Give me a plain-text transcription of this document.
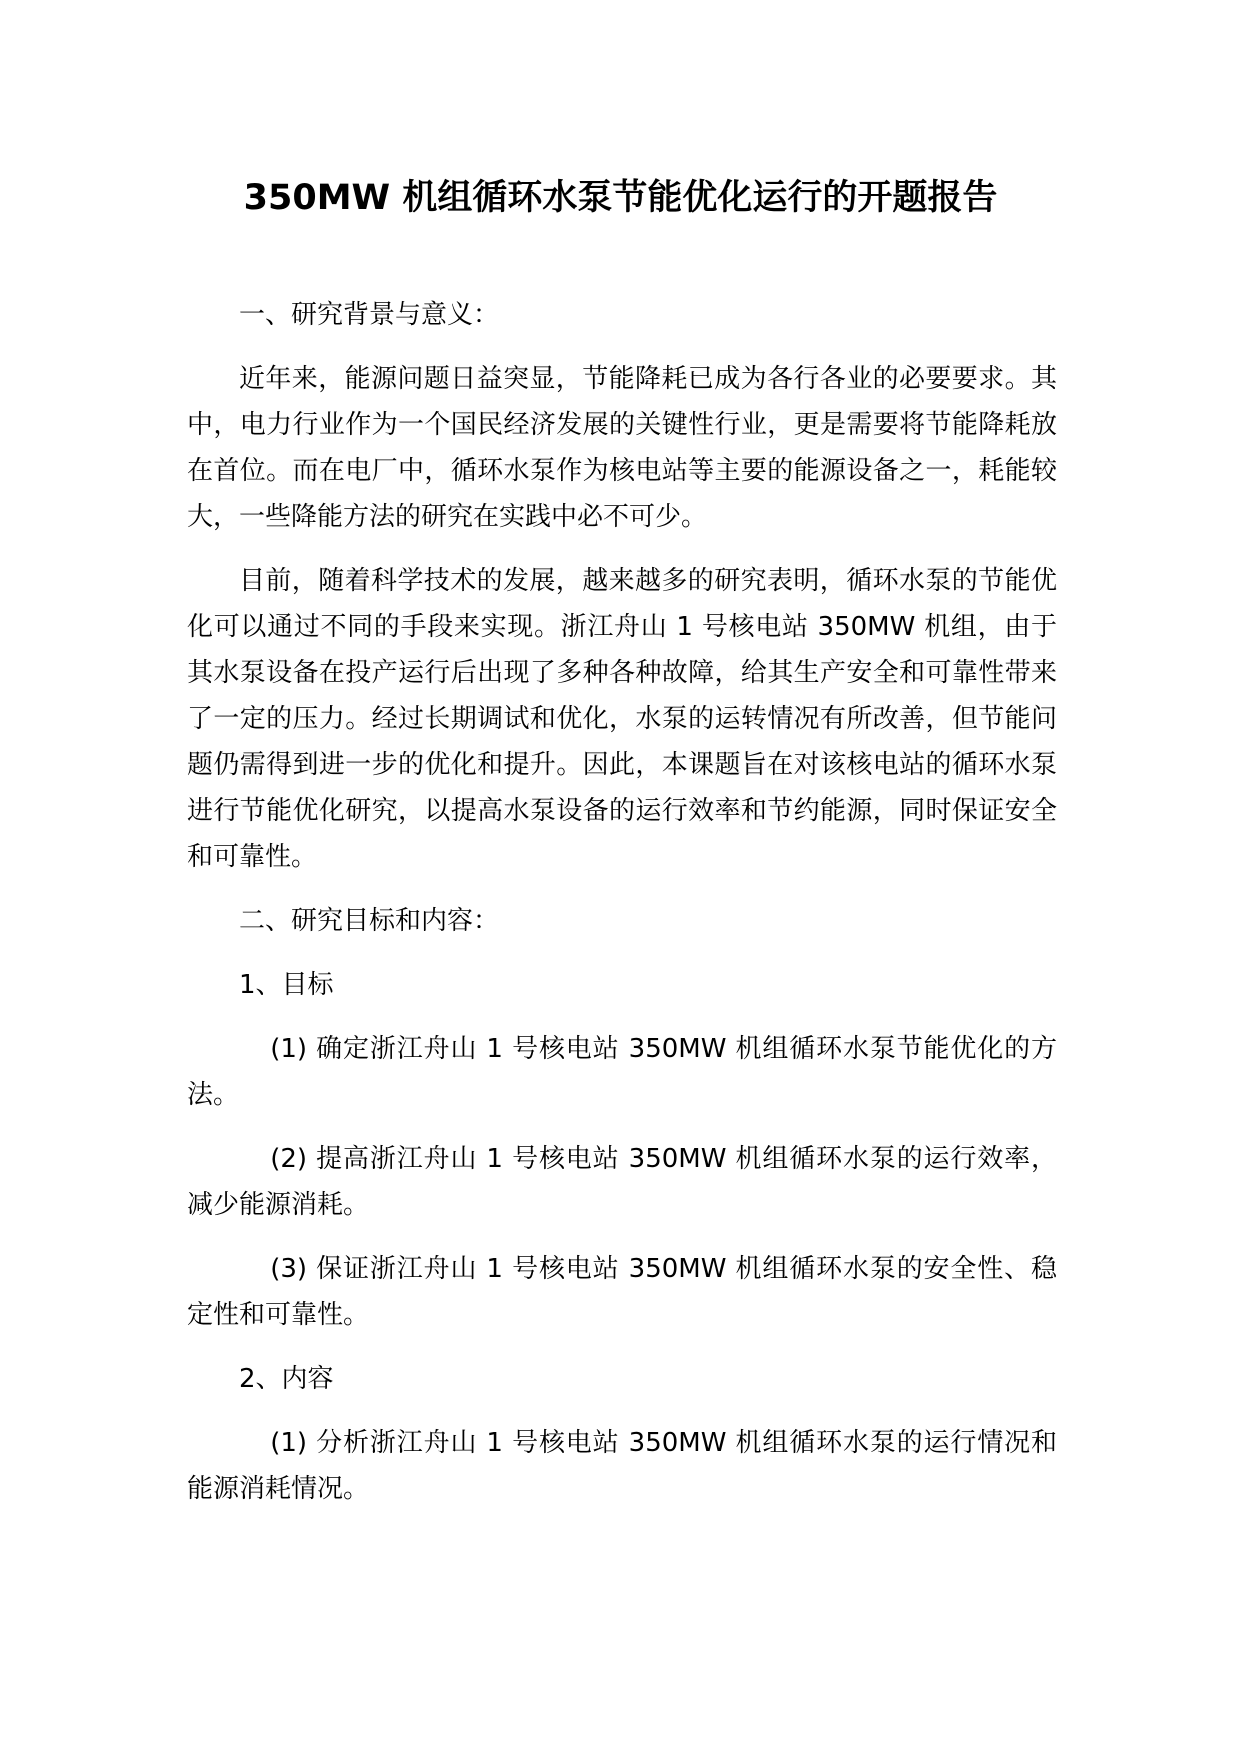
350MW 机组循环水泵节能优化运行的开题报告

一、研究背景与意义：

近年来，能源问题日益突显，节能降耗已成为各行各业的必要要求。其中，电力行业作为一个国民经济发展的关键性行业，更是需要将节能降耗放在首位。而在电厂中，循环水泵作为核电站等主要的能源设备之一，耗能较大，一些降能方法的研究在实践中必不可少。

目前，随着科学技术的发展，越来越多的研究表明，循环水泵的节能优化可以通过不同的手段来实现。浙江舟山 1 号核电站 350MW 机组，由于其水泵设备在投产运行后出现了多种各种故障，给其生产安全和可靠性带来了一定的压力。经过长期调试和优化，水泵的运转情况有所改善，但节能问题仍需得到进一步的优化和提升。因此，本课题旨在对该核电站的循环水泵进行节能优化研究，以提高水泵设备的运行效率和节约能源，同时保证安全和可靠性。

二、研究目标和内容：

1、目标

(1) 确定浙江舟山 1 号核电站 350MW 机组循环水泵节能优化的方法。

(2) 提高浙江舟山 1 号核电站 350MW 机组循环水泵的运行效率，减少能源消耗。

(3) 保证浙江舟山 1 号核电站 350MW 机组循环水泵的安全性、稳定性和可靠性。

2、内容

(1) 分析浙江舟山 1 号核电站 350MW 机组循环水泵的运行情况和能源消耗情况。
